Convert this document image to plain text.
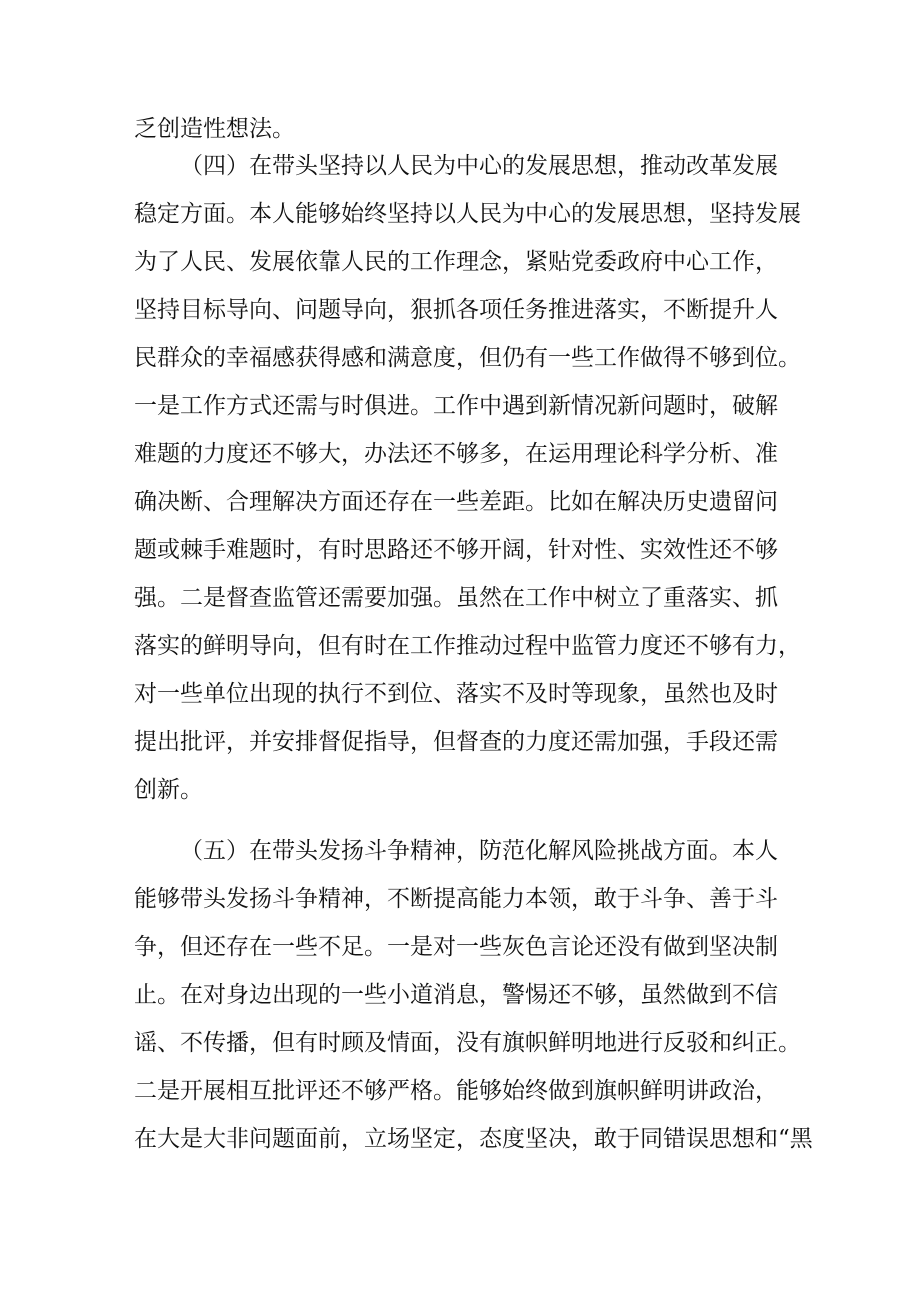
乏创造性想法。

（四）在带头坚持以人民为中心的发展思想，推动改革发展

稳定方面。本人能够始终坚持以人民为中心的发展思想，坚持发展

为了人民、发展依靠人民的工作理念，紧贴党委政府中心工作，

坚持目标导向、问题导向，狠抓各项任务推进落实，不断提升人

民群众的幸福感获得感和满意度，但仍有一些工作做得不够到位。

一是工作方式还需与时俱进。工作中遇到新情况新问题时，破解

难题的力度还不够大，办法还不够多，在运用理论科学分析、准

确决断、合理解决方面还存在一些差距。比如在解决历史遗留问

题或棘手难题时，有时思路还不够开阔，针对性、实效性还不够

强。二是督查监管还需要加强。虽然在工作中树立了重落实、抓

落实的鲜明导向，但有时在工作推动过程中监管力度还不够有力，

对一些单位出现的执行不到位、落实不及时等现象，虽然也及时

提出批评，并安排督促指导，但督查的力度还需加强，手段还需

创新。

（五）在带头发扬斗争精神，防范化解风险挑战方面。本人

能够带头发扬斗争精神，不断提高能力本领，敢于斗争、善于斗

争，但还存在一些不足。一是对一些灰色言论还没有做到坚决制

止。在对身边出现的一些小道消息，警惕还不够，虽然做到不信

谣、不传播，但有时顾及情面，没有旗帜鲜明地进行反驳和纠正。

二是开展相互批评还不够严格。能够始终做到旗帜鲜明讲政治，

在大是大非问题面前，立场坚定，态度坚决，敢于同错误思想和“黑
